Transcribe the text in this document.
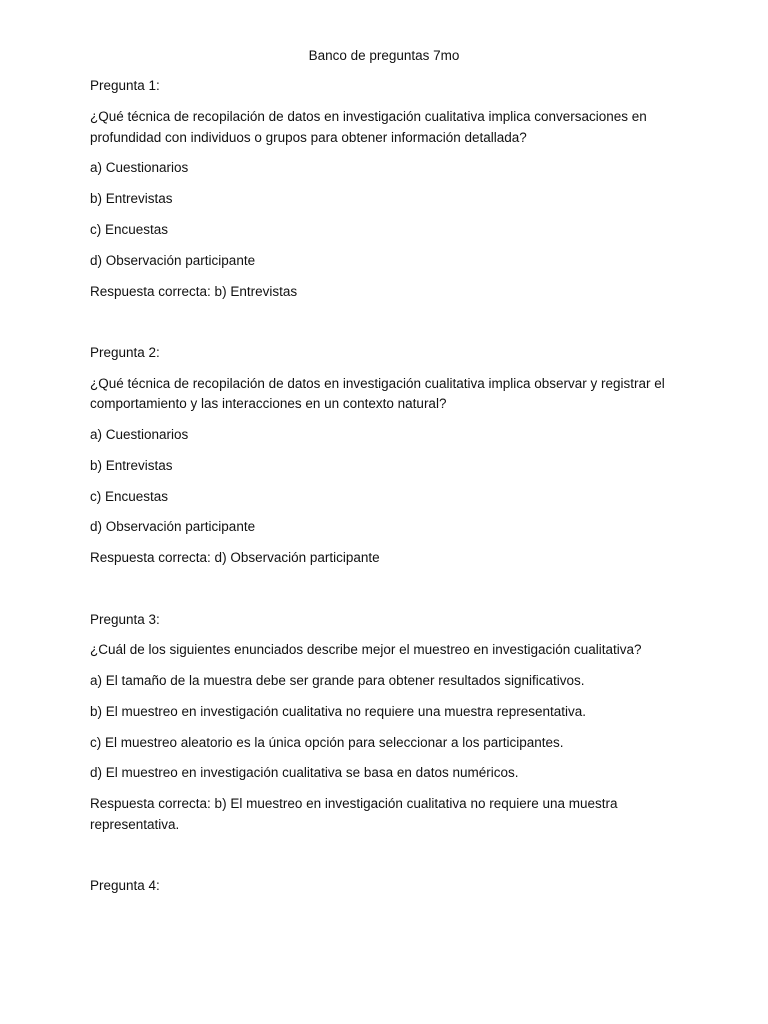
Banco de preguntas 7mo
Pregunta 1:
¿Qué técnica de recopilación de datos en investigación cualitativa implica conversaciones en
profundidad con individuos o grupos para obtener información detallada?
a) Cuestionarios
b) Entrevistas
c) Encuestas
d) Observación participante
Respuesta correcta: b) Entrevistas
Pregunta 2:
¿Qué técnica de recopilación de datos en investigación cualitativa implica observar y registrar el
comportamiento y las interacciones en un contexto natural?
a) Cuestionarios
b) Entrevistas
c) Encuestas
d) Observación participante
Respuesta correcta: d) Observación participante
Pregunta 3:
¿Cuál de los siguientes enunciados describe mejor el muestreo en investigación cualitativa?
a) El tamaño de la muestra debe ser grande para obtener resultados significativos.
b) El muestreo en investigación cualitativa no requiere una muestra representativa.
c) El muestreo aleatorio es la única opción para seleccionar a los participantes.
d) El muestreo en investigación cualitativa se basa en datos numéricos.
Respuesta correcta: b) El muestreo en investigación cualitativa no requiere una muestra
representativa.
Pregunta 4:
